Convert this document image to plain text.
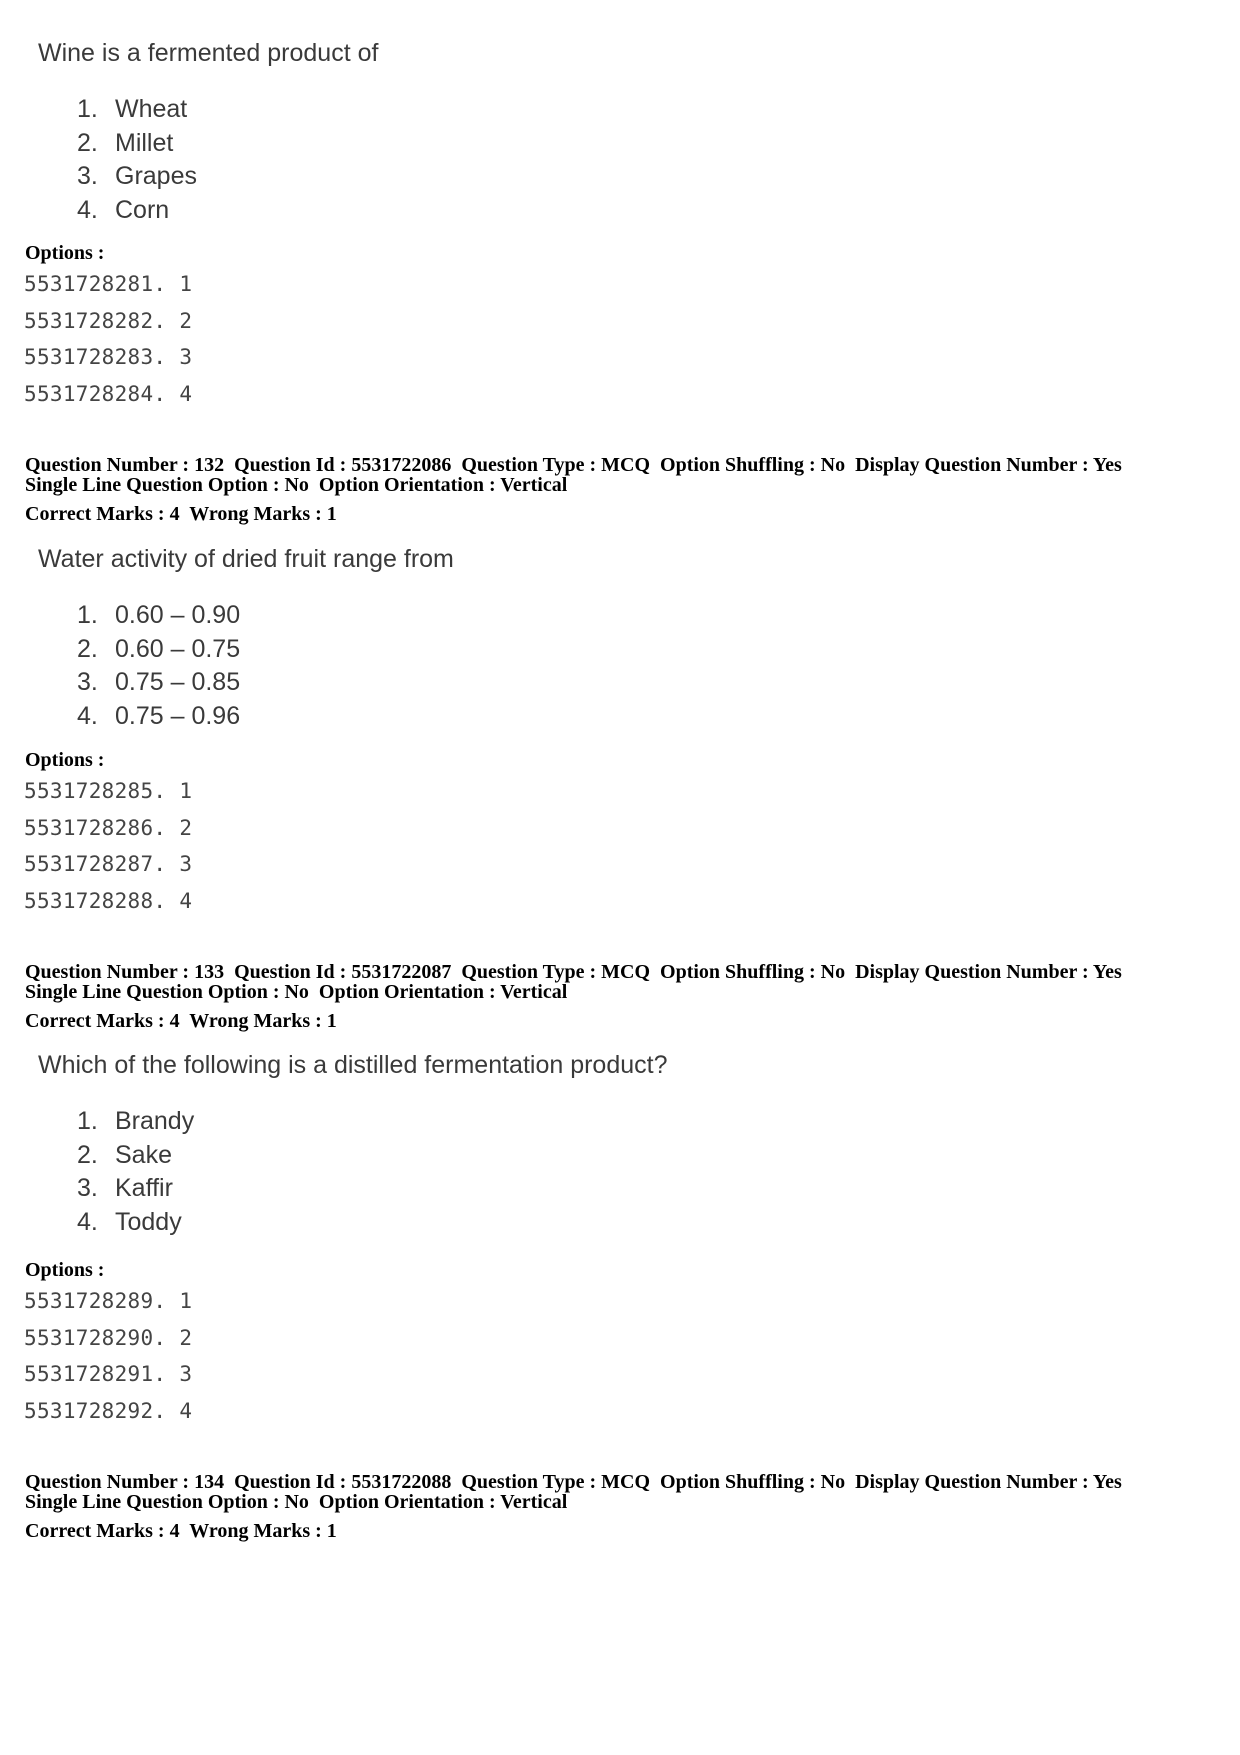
Wine is a fermented product of

1. Wheat
2. Millet
3. Grapes
4. Corn

Options :

5531728281. 1
5531728282. 2
5531728283. 3
5531728284. 4
Question Number : 132  Question Id : 5531722086  Question Type : MCQ  Option Shuffling : No  Display Question Number : Yes
Single Line Question Option : No  Option Orientation : Vertical

Correct Marks : 4  Wrong Marks : 1

Water activity of dried fruit range from

1. 0.60 – 0.90
2. 0.60 – 0.75
3. 0.75 – 0.85
4. 0.75 – 0.96

Options :

5531728285. 1
5531728286. 2
5531728287. 3
5531728288. 4
Question Number : 133  Question Id : 5531722087  Question Type : MCQ  Option Shuffling : No  Display Question Number : Yes
Single Line Question Option : No  Option Orientation : Vertical

Correct Marks : 4  Wrong Marks : 1

Which of the following is a distilled fermentation product?

1. Brandy
2. Sake
3. Kaffir
4. Toddy

Options :

5531728289. 1
5531728290. 2
5531728291. 3
5531728292. 4
Question Number : 134  Question Id : 5531722088  Question Type : MCQ  Option Shuffling : No  Display Question Number : Yes
Single Line Question Option : No  Option Orientation : Vertical

Correct Marks : 4  Wrong Marks : 1
